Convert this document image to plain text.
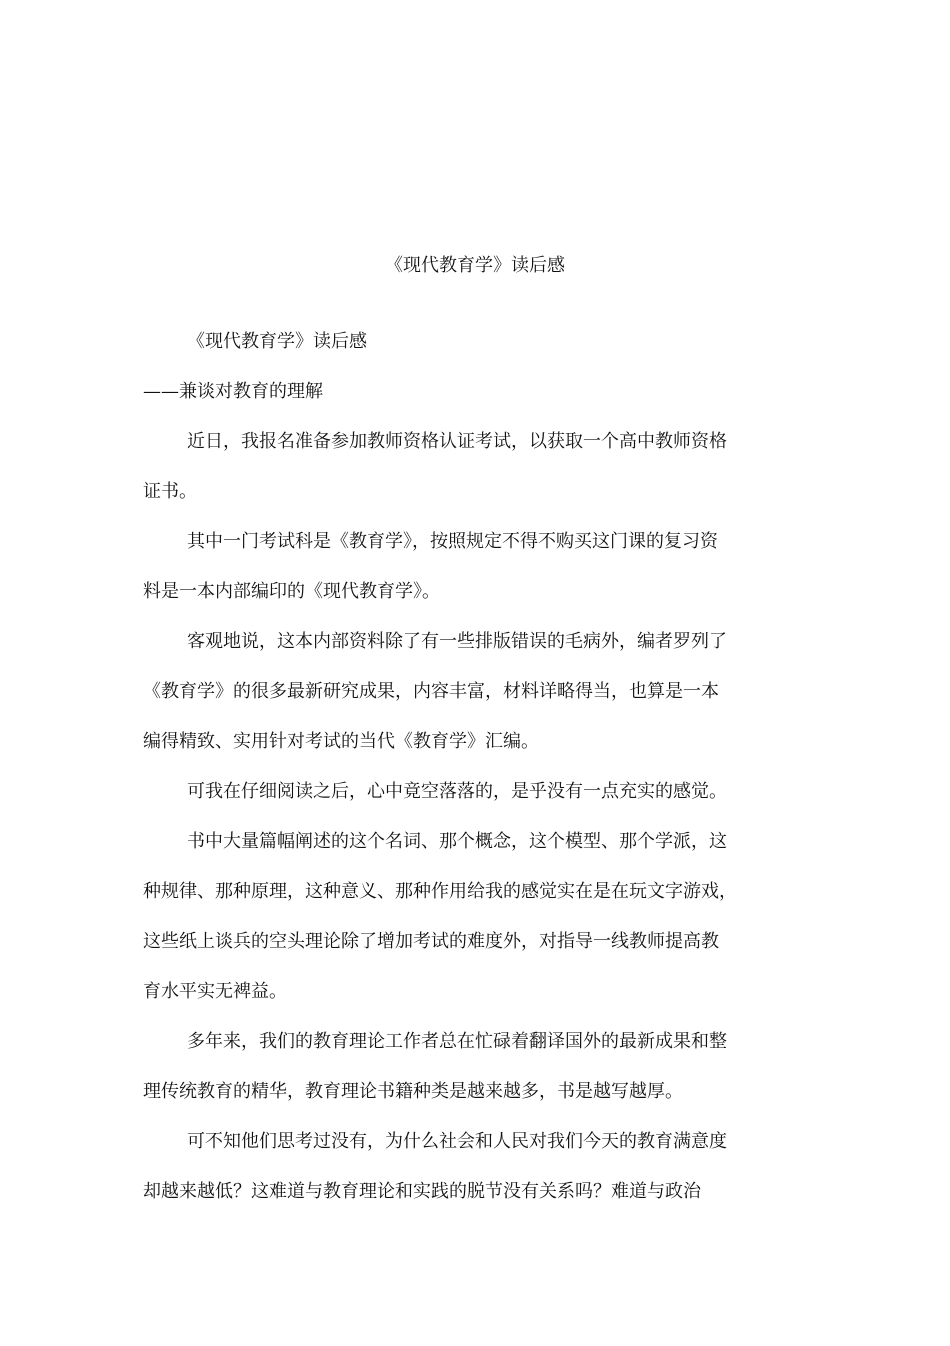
《现代教育学》读后感
《现代教育学》读后感
——兼谈对教育的理解
近日，我报名准备参加教师资格认证考试，以获取一个高中教师资格
证书。
其中一门考试科是《教育学》，按照规定不得不购买这门课的复习资
料是一本内部编印的《现代教育学》。
客观地说，这本内部资料除了有一些排版错误的毛病外，编者罗列了
《教育学》的很多最新研究成果，内容丰富，材料详略得当，也算是一本
编得精致、实用针对考试的当代《教育学》汇编。
可我在仔细阅读之后，心中竟空落落的，是乎没有一点充实的感觉。
书中大量篇幅阐述的这个名词、那个概念，这个模型、那个学派，这
种规律、那种原理，这种意义、那种作用给我的感觉实在是在玩文字游戏，
这些纸上谈兵的空头理论除了增加考试的难度外，对指导一线教师提高教
育水平实无裨益。
多年来，我们的教育理论工作者总在忙碌着翻译国外的最新成果和整
理传统教育的精华，教育理论书籍种类是越来越多，书是越写越厚。
可不知他们思考过没有，为什么社会和人民对我们今天的教育满意度
却越来越低？这难道与教育理论和实践的脱节没有关系吗？难道与政治
